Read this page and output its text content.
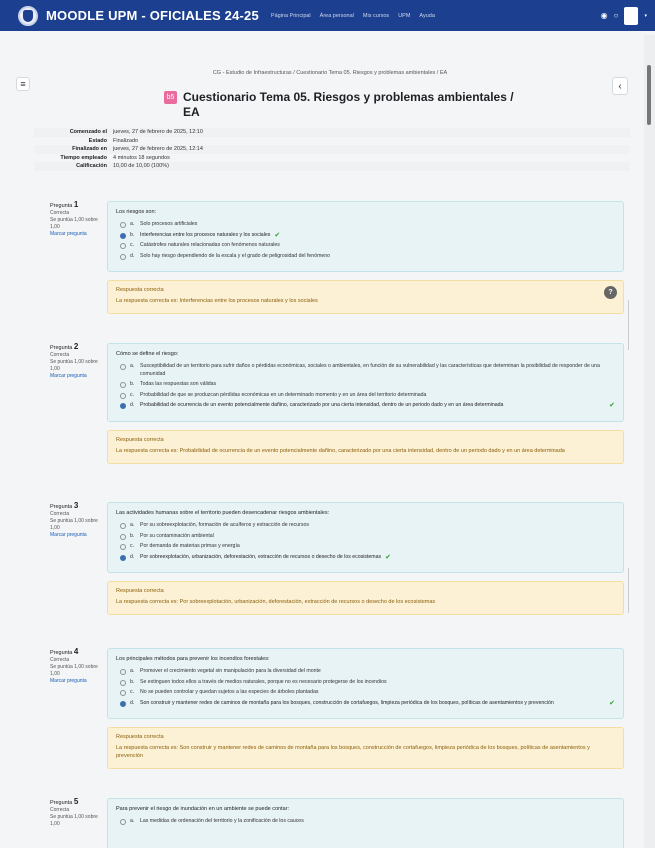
MOODLE UPM - OFICIALES 24-25 Página Principal Área personal Mis cursos UPM Ayuda	◉ ○	▾
≡	‹
CG - Estudio de Infraestructuras / Cuestionario Tema 05. Riesgos y problemas ambientales / EA
b5 Cuestionario Tema 05. Riesgos y problemas ambientales / EA
Comenzado el	jueves, 27 de febrero de 2025, 12:10
Estado	Finalizado
Finalizado en	jueves, 27 de febrero de 2025, 12:14
Tiempo empleado	4 minutos 18 segundos
Calificación	10,00 de 10,00 (100%)
Pregunta 1
Correcta
Se puntúa 1,00 sobre 1,00
Marcar pregunta
Los riesgos son:
a.	Solo procesos artificiales
b.	Interferencias entre los procesos naturales y los sociales ✔
c.	Catástrofes naturales relacionadas con fenómenos naturales
d.	Solo hay riesgo dependiendo de la escala y el grado de peligrosidad del fenómeno
Respuesta correcta
La respuesta correcta es: Interferencias entre los procesos naturales y los sociales
Pregunta 2
Correcta
Se puntúa 1,00 sobre 1,00
Marcar pregunta
Cómo se define el riesgo:
a.	Susceptibilidad de un territorio para sufrir daños o pérdidas económicas, sociales o ambientales, en función de su vulnerabilidad y las características que determinan la posibilidad de responder de una comunidad
b.	Todas las respuestas son válidas
c.	Probabilidad de que se produzcan pérdidas económicas en un determinado momento y en un área del territorio determinada
d.	Probabilidad de ocurrencia de un evento potencialmente dañino, caracterizado por una cierta intensidad, dentro de un periodo dado y en un área determinada	✔
Respuesta correcta
La respuesta correcta es: Probabilidad de ocurrencia de un evento potencialmente dañino, caracterizado por una cierta intensidad, dentro de un periodo dado y en un área determinada
Pregunta 3
Correcta
Se puntúa 1,00 sobre 1,00
Marcar pregunta
Las actividades humanas sobre el territorio pueden desencadenar riesgos ambientales:
a.	Por su sobreexplotación, formación de acuíferos y extracción de recursos
b.	Por su contaminación ambiental
c.	Por demanda de materias primas y energía
d.	Por sobreexplotación, urbanización, deforestación, extracción de recursos o desecho de los ecosistemas ✔
Respuesta correcta
La respuesta correcta es: Por sobreexplotación, urbanización, deforestación, extracción de recursos o desecho de los ecosistemas
Pregunta 4
Correcta
Se puntúa 1,00 sobre 1,00
Marcar pregunta
Los principales métodos para prevenir los incendios forestales:
a.	Promover el crecimiento vegetal sin manipulación para la diversidad del monte
b.	Se extinguen todos ellos a través de medios naturales, porque no es necesario protegerse de los incendios
c.	No se pueden controlar y quedan sujetos a las especies de árboles plantadas
d.	Son construir y mantener redes de caminos de montaña para los bosques, construcción de cortafuegos, limpieza periódica de los bosques, políticas de asentamientos y prevención	✔
Respuesta correcta
La respuesta correcta es: Son construir y mantener redes de caminos de montaña para los bosques, construcción de cortafuegos, limpieza periódica de los bosques, políticas de asentamientos y prevención
Pregunta 5
Correcta
Se puntúa 1,00 sobre 1,00
Para prevenir el riesgo de inundación en un ambiente se puede contar:
a.	Las medidas de ordenación del territorio y la zonificación de los cauces
?
